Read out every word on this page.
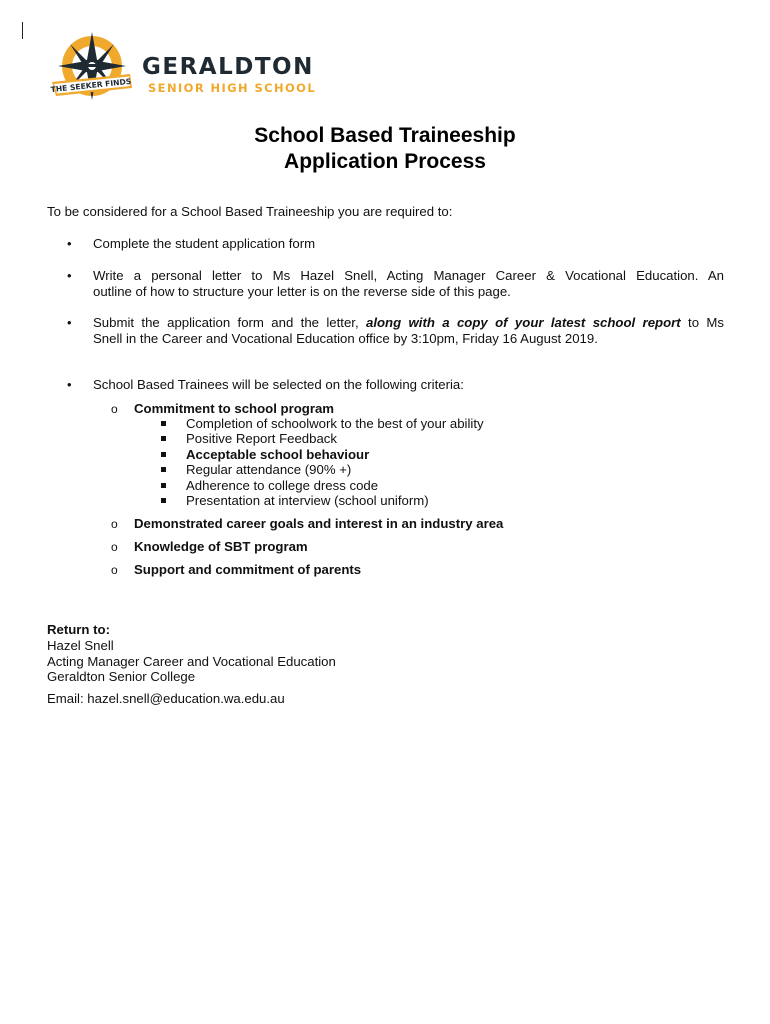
THE SEEKER FINDS
GERALDTON
SENIOR HIGH SCHOOL
School Based Traineeship
Application Process
To be considered for a School Based Traineeship you are required to:
• Complete the student application form
• Write a personal letter to Ms Hazel Snell, Acting Manager Career & Vocational Education. An
outline of how to structure your letter is on the reverse side of this page.
• Submit the application form and the letter, along with a copy of your latest school report to Ms
Snell in the Career and Vocational Education office by 3:10pm, Friday 16 August 2019.
• School Based Trainees will be selected on the following criteria:
o Commitment to school program
Completion of schoolwork to the best of your ability
Positive Report Feedback
Acceptable school behaviour
Regular attendance (90% +)
Adherence to college dress code
Presentation at interview (school uniform)
o Demonstrated career goals and interest in an industry area
o Knowledge of SBT program
o Support and commitment of parents
Return to:
Hazel Snell
Acting Manager Career and Vocational Education
Geraldton Senior College
Email: hazel.snell@education.wa.edu.au
